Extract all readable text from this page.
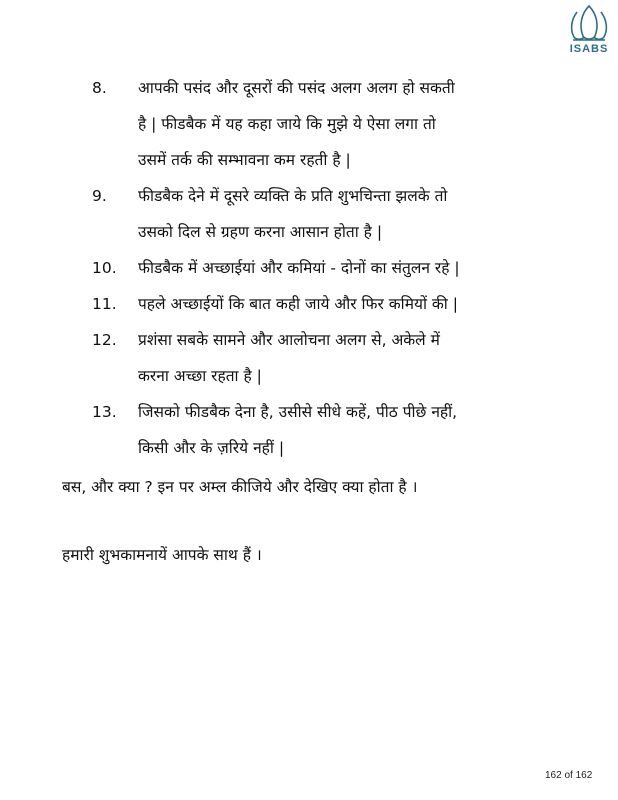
ISABS
8.	आपकी पसंद और दूसरों की पसंद अलग अलग हो सकती
है | फीडबैक में यह कहा जाये कि मुझे ये ऐसा लगा तो
उसमें तर्क की सम्भावना कम रहती है |
9.	फीडबैक देने में दूसरे व्यक्ति के प्रति शुभचिन्ता झलके तो
उसको दिल से ग्रहण करना आसान होता है |
10.	फीडबैक में अच्छाईयां और कमियां - दोनों का संतुलन रहे |
11.	पहले अच्छाईयों कि बात कही जाये और फिर कमियों की |
12.	प्रशंसा सबके सामने और आलोचना अलग से, अकेले में
करना अच्छा रहता है |
13.	जिसको फीडबैक देना है, उसीसे सीधे कहें, पीठ पीछे नहीं,
किसी और के ज़रिये नहीं |
बस, और क्या ? इन पर अम्ल कीजिये और देखिए क्या होता है ।

हमारी शुभकामनायें आपके साथ हैं ।
162 of 162
